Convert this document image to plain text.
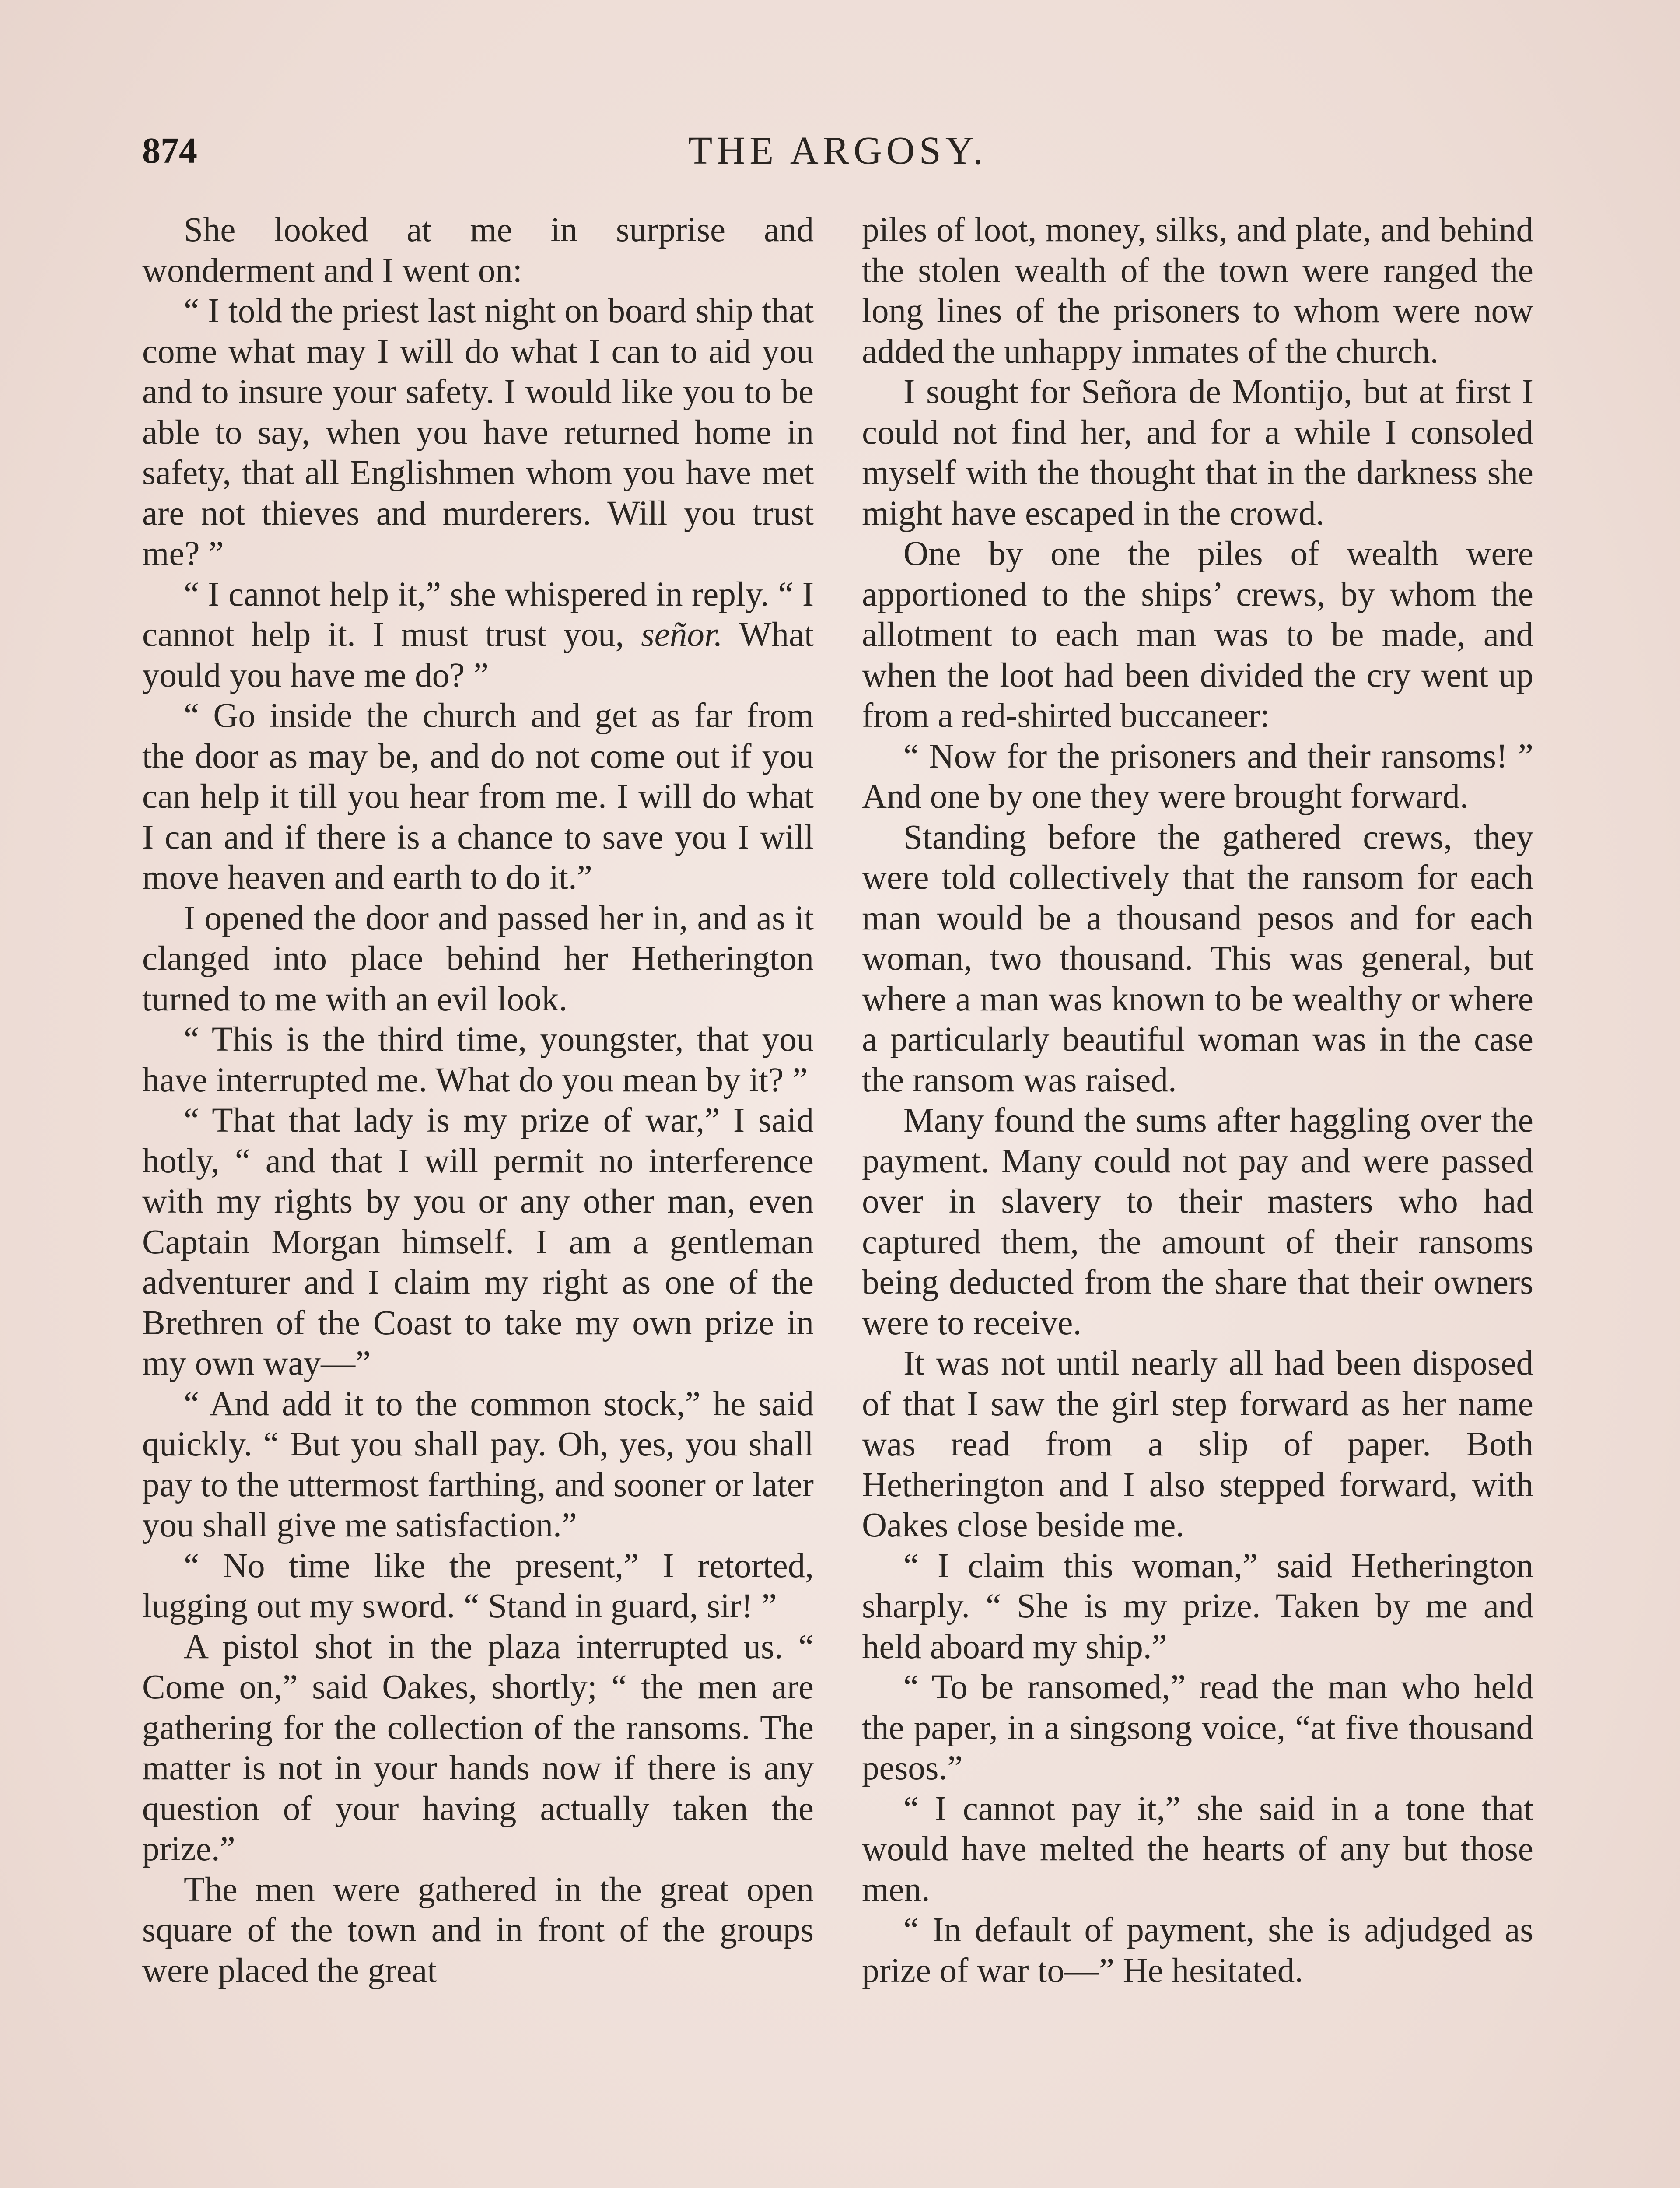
874	THE ARGOSY.

She looked at me in surprise and wonderment and I went on:

“ I told the priest last night on board ship that come what may I will do what I can to aid you and to insure your safety. I would like you to be able to say, when you have returned home in safety, that all Englishmen whom you have met are not thieves and murderers. Will you trust me? ”

“ I cannot help it,” she whispered in reply. “ I cannot help it. I must trust you, señor. What yould you have me do? ”

“ Go inside the church and get as far from the door as may be, and do not come out if you can help it till you hear from me. I will do what I can and if there is a chance to save you I will move heaven and earth to do it.”

I opened the door and passed her in, and as it clanged into place behind her Hetherington turned to me with an evil look.

“ This is the third time, youngster, that you have interrupted me. What do you mean by it? ”

“ That that lady is my prize of war,” I said hotly, “ and that I will permit no interference with my rights by you or any other man, even Captain Morgan himself. I am a gentleman adventurer and I claim my right as one of the Brethren of the Coast to take my own prize in my own way—”

“ And add it to the common stock,” he said quickly. “ But you shall pay. Oh, yes, you shall pay to the uttermost farthing, and sooner or later you shall give me satisfaction.”

“ No time like the present,” I retorted, lugging out my sword. “ Stand in guard, sir! ”

A pistol shot in the plaza interrupted us. “ Come on,” said Oakes, shortly; “ the men are gathering for the collection of the ransoms. The matter is not in your hands now if there is any question of your having actually taken the prize.”

The men were gathered in the great open square of the town and in front of the groups were placed the great

piles of loot, money, silks, and plate, and behind the stolen wealth of the town were ranged the long lines of the prisoners to whom were now added the unhappy inmates of the church.

I sought for Señora de Montijo, but at first I could not find her, and for a while I consoled myself with the thought that in the darkness she might have escaped in the crowd.

One by one the piles of wealth were apportioned to the ships’ crews, by whom the allotment to each man was to be made, and when the loot had been divided the cry went up from a red-shirted buccaneer:

“ Now for the prisoners and their ransoms! ” And one by one they were brought forward.

Standing before the gathered crews, they were told collectively that the ransom for each man would be a thousand pesos and for each woman, two thousand. This was general, but where a man was known to be wealthy or where a particularly beautiful woman was in the case the ransom was raised.

Many found the sums after haggling over the payment. Many could not pay and were passed over in slavery to their masters who had captured them, the amount of their ransoms being deducted from the share that their owners were to receive.

It was not until nearly all had been disposed of that I saw the girl step forward as her name was read from a slip of paper. Both Hetherington and I also stepped forward, with Oakes close beside me.

“ I claim this woman,” said Hetherington sharply. “ She is my prize. Taken by me and held aboard my ship.”

“ To be ransomed,” read the man who held the paper, in a singsong voice, “at five thousand pesos.”

“ I cannot pay it,” she said in a tone that would have melted the hearts of any but those men.

“ In default of payment, she is adjudged as prize of war to—” He hesitated.
